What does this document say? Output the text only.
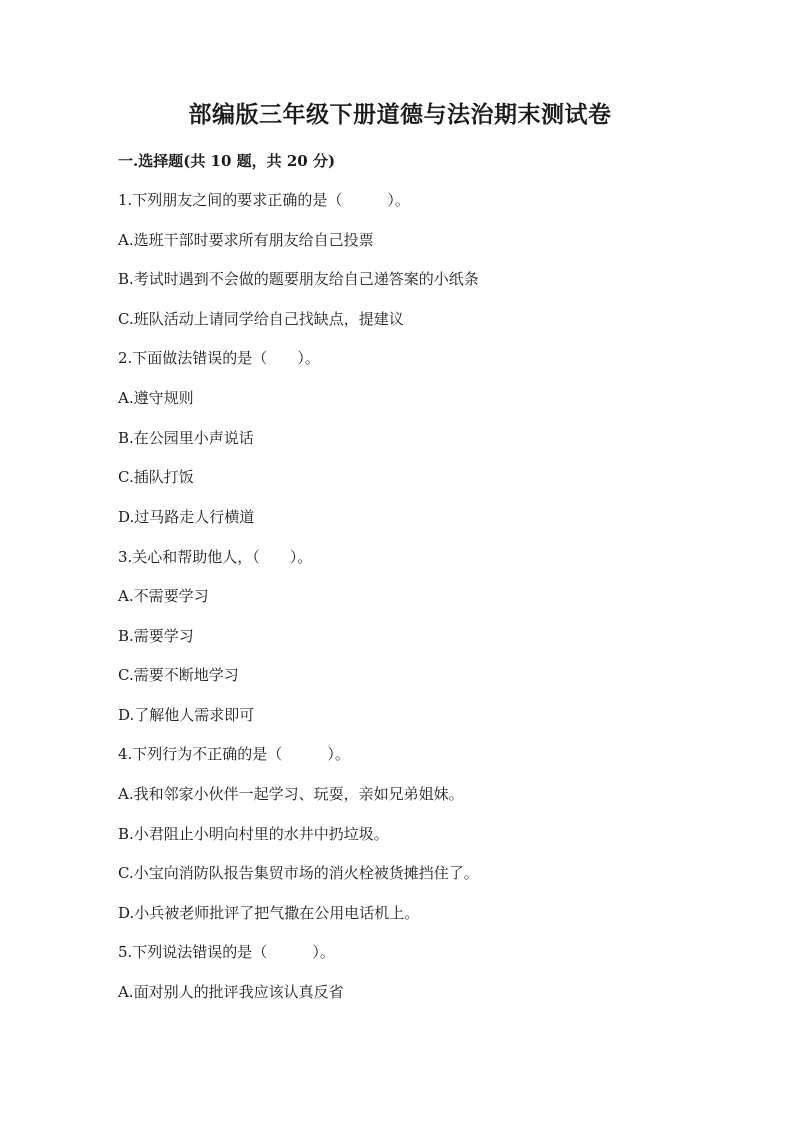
部编版三年级下册道德与法治期末测试卷
一.选择题(共 10 题，共 20 分)
1.下列朋友之间的要求正确的是（　　　）。
A.选班干部时要求所有朋友给自己投票
B.考试时遇到不会做的题要朋友给自己递答案的小纸条
C.班队活动上请同学给自己找缺点，提建议
2.下面做法错误的是（　　）。
A.遵守规则
B.在公园里小声说话
C.插队打饭
D.过马路走人行横道
3.关心和帮助他人，（　　）。
A.不需要学习
B.需要学习
C.需要不断地学习
D.了解他人需求即可
4.下列行为不正确的是（　　　）。
A.我和邻家小伙伴一起学习、玩耍，亲如兄弟姐妹。
B.小君阻止小明向村里的水井中扔垃圾。
C.小宝向消防队报告集贸市场的消火栓被货摊挡住了。
D.小兵被老师批评了把气撒在公用电话机上。
5.下列说法错误的是（　　　）。
A.面对别人的批评我应该认真反省
